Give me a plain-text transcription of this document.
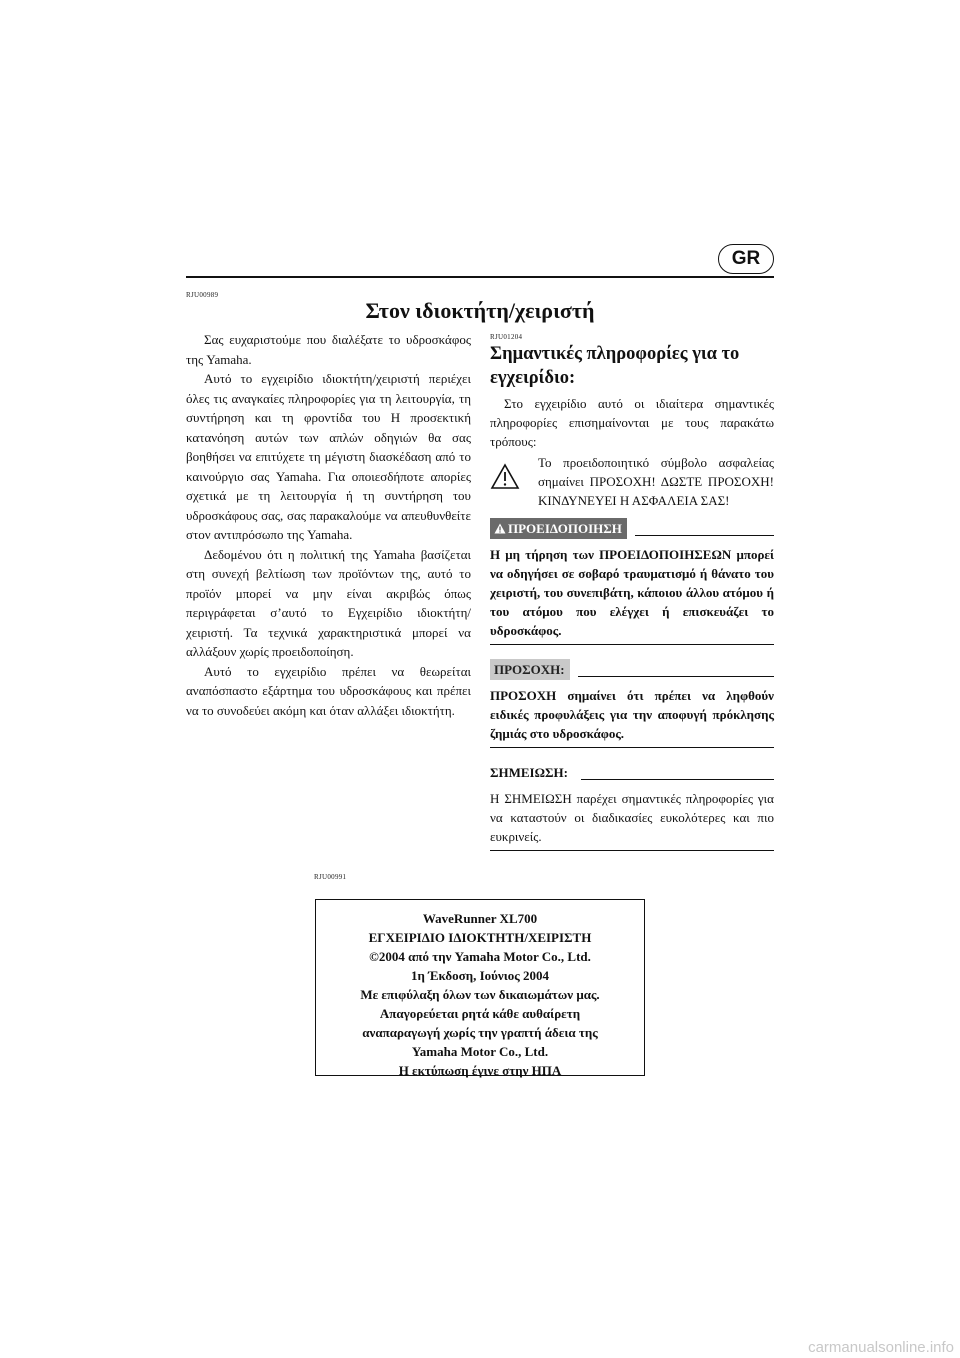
GR
RJU00989
Στον ιδιοκτήτη/χειριστή

Σας ευχαριστούμε που διαλέξατε το υδροσκάφος της Yamaha.

Αυτό το εγχειρίδιο ιδιοκτήτη/χειριστή περιέχει όλες τις αναγκαίες πληροφορίες για τη λειτουργία, τη συντήρηση και τη φροντίδα του Η προσεκτική κατανόηση αυτών των απλών οδηγιών θα σας βοηθήσει να επιτύχετε τη μέγιστη διασκέδαση από το καινούργιο σας Yamaha. Για οποιεσδήποτε απορίες σχετικά με τη λειτουργία ή τη συντήρηση του υδροσκάφους σας, σας παρακαλούμε να απευθυνθείτε στον αντιπρόσωπο της Yamaha.

Δεδομένου ότι η πολιτική της Yamaha βασίζεται στη συνεχή βελτίωση των προϊόντων της, αυτό το προϊόν μπορεί να μην είναι ακριβώς όπως περιγράφεται σ’αυτό το Εγχειρίδιο ιδιοκτήτη/χειριστή. Τα τεχνικά χαρακτηριστικά μπορεί να αλλάξουν χωρίς προειδοποίηση.

Αυτό το εγχειρίδιο πρέπει να θεωρείται αναπόσπαστο εξάρτημα του υδροσκάφους και πρέπει να το συνοδεύει ακόμη και όταν αλλάξει ιδιοκτήτη.

RJU01204
Σημαντικές πληροφορίες για το
εγχειρίδιο:

Στο εγχειρίδιο αυτό οι ιδιαίτερα σημαντικές πληροφορίες επισημαίνονται με τους παρακάτω τρόπους:

Το προειδοποιητικό σύμβολο ασφαλείας σημαίνει ΠΡΟΣΟΧΗ! ΔΩΣΤΕ ΠΡΟΣΟΧΗ! ΚΙΝΔΥΝΕΥΕΙ Η ΑΣΦΑΛΕΙΑ ΣΑΣ!
ΠΡΟΕΙΔΟΠΟΙΗΣΗ

Η μη τήρηση των ΠΡΟΕΙΔΟΠΟΙΗΣΕΩΝ μπορεί να οδηγήσει σε σοβαρό τραυματισμό ή θάνατο του χειριστή, του συνεπιβάτη, κάποιου άλλου ατόμου ή του ατόμου που ελέγχει ή επισκευάζει το υδροσκάφος.

ΠΡΟΣΟΧΗ:

ΠΡΟΣΟΧΗ σημαίνει ότι πρέπει να ληφθούν ειδικές προφυλάξεις για την αποφυγή πρόκλησης ζημιάς στο υδροσκάφος.

ΣΗΜΕΙΩΣΗ:

Η ΣΗΜΕΙΩΣΗ παρέχει σημαντικές πληροφορίες για να καταστούν οι διαδικασίες ευκολότερες και πιο ευκρινείς.

RJU00991
WaveRunner XL700
ΕΓΧΕΙΡΙΔΙΟ ΙΔΙΟΚΤΗΤΗ/ΧΕΙΡΙΣΤΗ
©2004 από την Yamaha Motor Co., Ltd.
1η Έκδοση, Ιούνιος 2004
Με επιφύλαξη όλων των δικαιωμάτων μας.
Απαγορεύεται ρητά κάθε αυθαίρετη
αναπαραγωγή χωρίς την γραπτή άδεια της
Yamaha Motor Co., Ltd.
Η εκτύπωση έγινε στην ΗΠΑ
carmanualsonline.info
